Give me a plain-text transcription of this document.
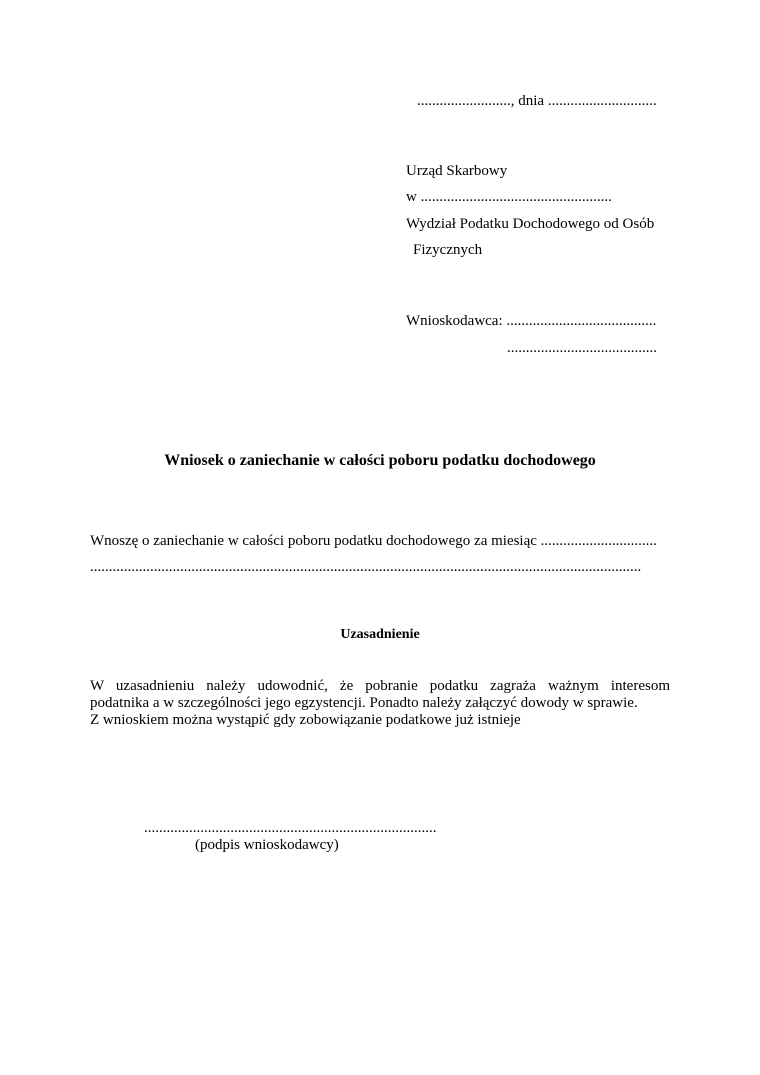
........................., dnia .............................
Urząd Skarbowy
w ...................................................
Wydział Podatku Dochodowego od Osób
Fizycznych
Wnioskodawca: ........................................
........................................
Wniosek o zaniechanie w całości poboru podatku dochodowego
Wnoszę o zaniechanie w całości poboru podatku dochodowego za miesiąc ...............................
...................................................................................................................................................
Uzasadnienie
W uzasadnieniu należy udowodnić, że pobranie podatku zagraża ważnym interesom
podatnika a w szczególności jego egzystencji. Ponadto należy załączyć dowody w sprawie.
Z wnioskiem można wystąpić gdy zobowiązanie podatkowe już istnieje
..............................................................................
(podpis wnioskodawcy)
